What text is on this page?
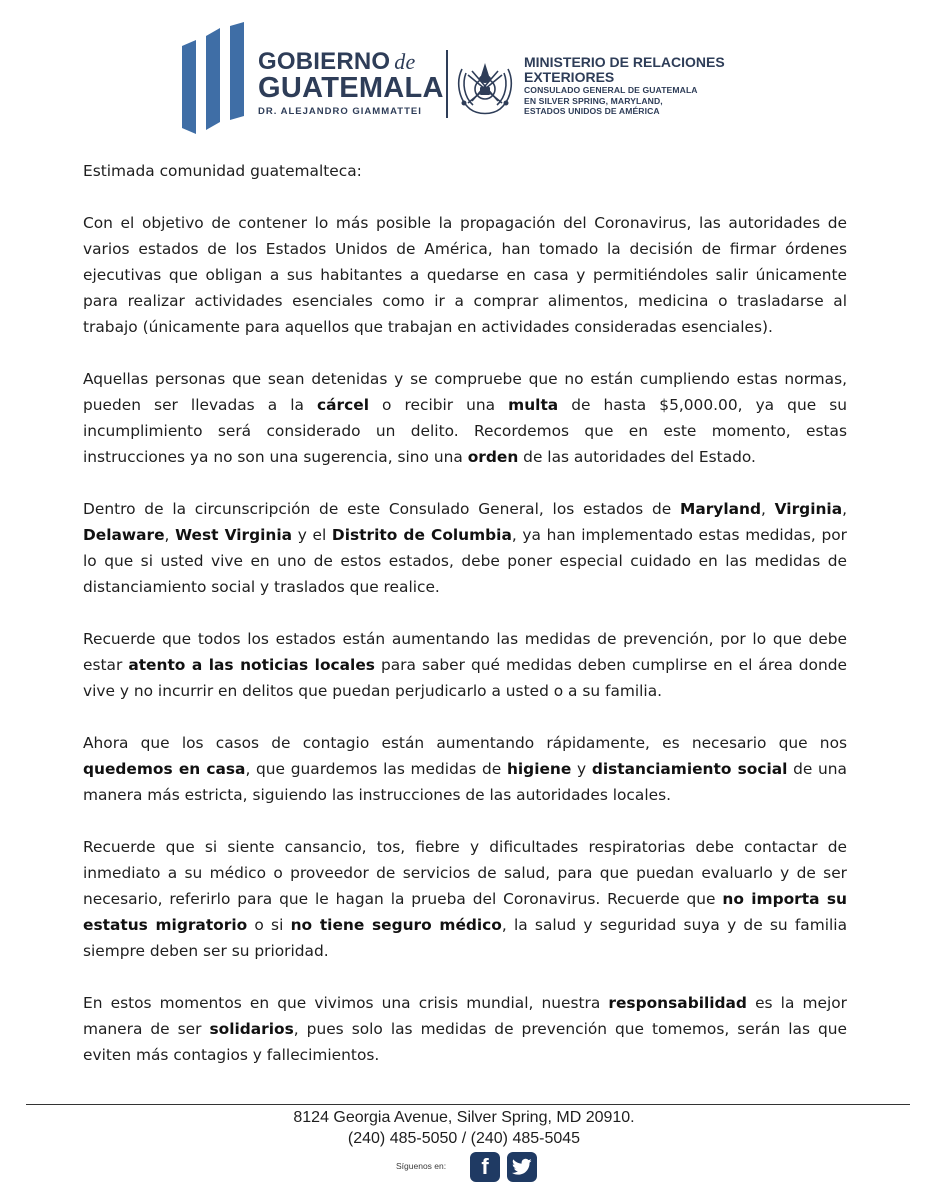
GOBIERNO de
GUATEMALA
DR. ALEJANDRO GIAMMATTEI
MINISTERIO DE RELACIONES
EXTERIORES
CONSULADO GENERAL DE GUATEMALA
EN SILVER SPRING, MARYLAND,
ESTADOS UNIDOS DE AMÉRICA

Estimada comunidad guatemalteca:

Con el objetivo de contener lo más posible la propagación del Coronavirus, las autoridades de varios estados de los Estados Unidos de América, han tomado la decisión de firmar órdenes ejecutivas que obligan a sus habitantes a quedarse en casa y permitiéndoles salir únicamente para realizar actividades esenciales como ir a comprar alimentos, medicina o trasladarse al trabajo (únicamente para aquellos que trabajan en actividades consideradas esenciales).

Aquellas personas que sean detenidas y se compruebe que no están cumpliendo estas normas, pueden ser llevadas a la cárcel o recibir una multa de hasta $5,000.00, ya que su incumplimiento será considerado un delito. Recordemos que en este momento, estas instrucciones ya no son una sugerencia, sino una orden de las autoridades del Estado.

Dentro de la circunscripción de este Consulado General, los estados de Maryland, Virginia, Delaware, West Virginia y el Distrito de Columbia, ya han implementado estas medidas, por lo que si usted vive en uno de estos estados, debe poner especial cuidado en las medidas de distanciamiento social y traslados que realice.

Recuerde que todos los estados están aumentando las medidas de prevención, por lo que debe estar atento a las noticias locales para saber qué medidas deben cumplirse en el área donde vive y no incurrir en delitos que puedan perjudicarlo a usted o a su familia.

Ahora que los casos de contagio están aumentando rápidamente, es necesario que nos quedemos en casa, que guardemos las medidas de higiene y distanciamiento social de una manera más estricta, siguiendo las instrucciones de las autoridades locales.

Recuerde que si siente cansancio, tos, fiebre y dificultades respiratorias debe contactar de inmediato a su médico o proveedor de servicios de salud, para que puedan evaluarlo y de ser necesario, referirlo para que le hagan la prueba del Coronavirus. Recuerde que no importa su estatus migratorio o si no tiene seguro médico, la salud y seguridad suya y de su familia siempre deben ser su prioridad.

En estos momentos en que vivimos una crisis mundial, nuestra responsabilidad es la mejor manera de ser solidarios, pues solo las medidas de prevención que tomemos, serán las que eviten más contagios y fallecimientos.

8124 Georgia Avenue, Silver Spring, MD 20910.
(240) 485-5050 / (240) 485-5045
Síguenos en:	f
